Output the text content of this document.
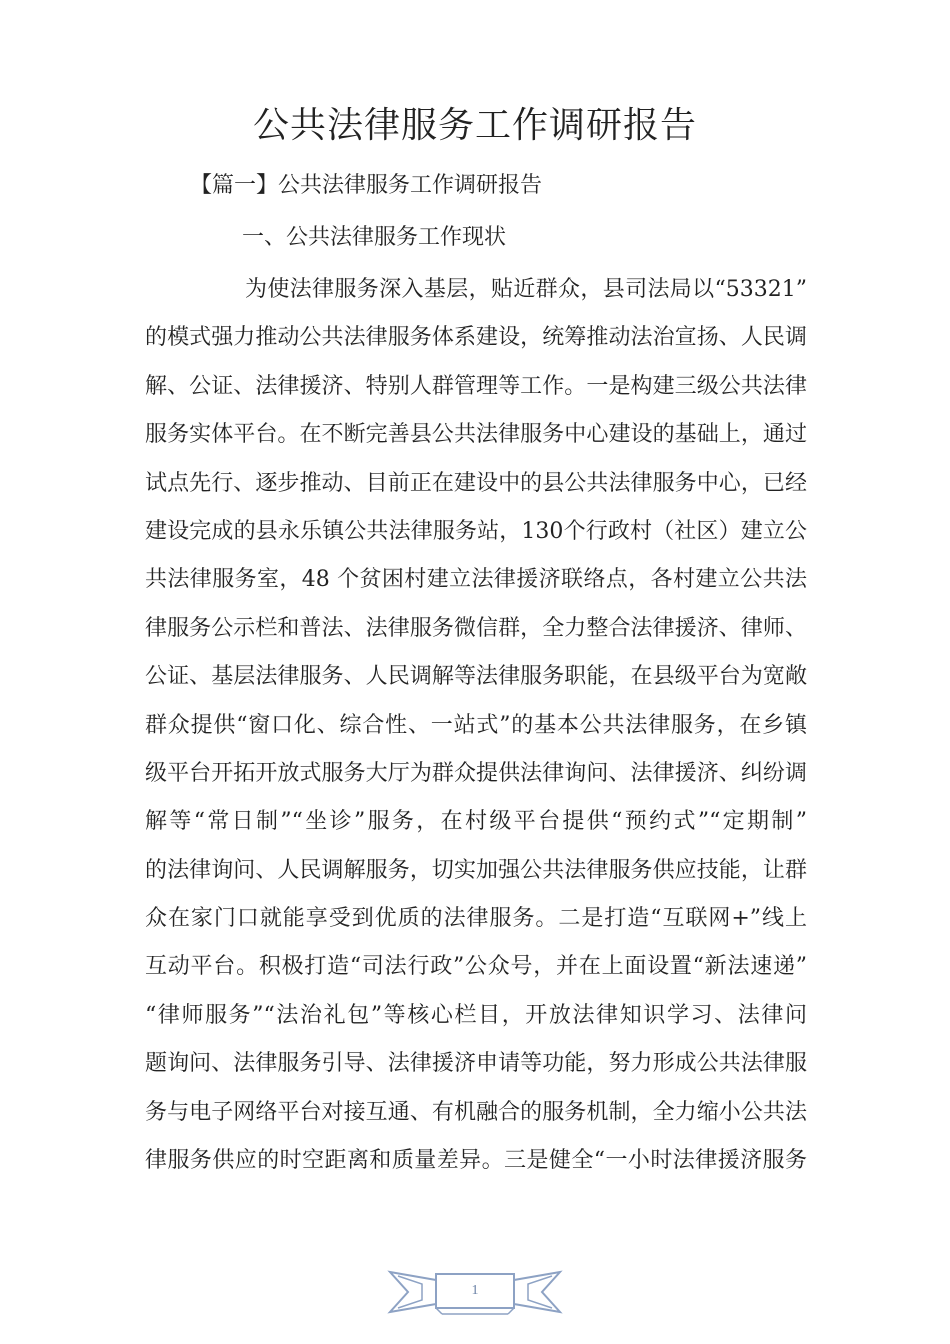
公共法律服务工作调研报告
【篇一】公共法律服务工作调研报告
一、公共法律服务工作现状
为使法律服务深入基层，贴近群众，县司法局以“53321”
的模式强力推动公共法律服务体系建设，统筹推动法治宣扬、人民调
解、公证、法律援济、特别人群管理等工作。一是构建三级公共法律
服务实体平台。在不断完善县公共法律服务中心建设的基础上，通过
试点先行、逐步推动、目前正在建设中的县公共法律服务中心，已经
建设完成的县永乐镇公共法律服务站，130个行政村（社区）建立公
共法律服务室，48 个贫困村建立法律援济联络点，各村建立公共法
律服务公示栏和普法、法律服务微信群，全力整合法律援济、律师、
公证、基层法律服务、人民调解等法律服务职能，在县级平台为宽敞
群众提供“窗口化、综合性、一站式”的基本公共法律服务，在乡镇
级平台开拓开放式服务大厅为群众提供法律询问、法律援济、纠纷调
解等“常日制”“坐诊”服务，在村级平台提供“预约式”“定期制”
的法律询问、人民调解服务，切实加强公共法律服务供应技能，让群
众在家门口就能享受到优质的法律服务。二是打造“互联网+”线上
互动平台。积极打造“司法行政”公众号，并在上面设置“新法速递”
“律师服务”“法治礼包”等核心栏目，开放法律知识学习、法律问
题询问、法律服务引导、法律援济申请等功能，努力形成公共法律服
务与电子网络平台对接互通、有机融合的服务机制，全力缩小公共法
律服务供应的时空距离和质量差异。三是健全“一小时法律援济服务
1
